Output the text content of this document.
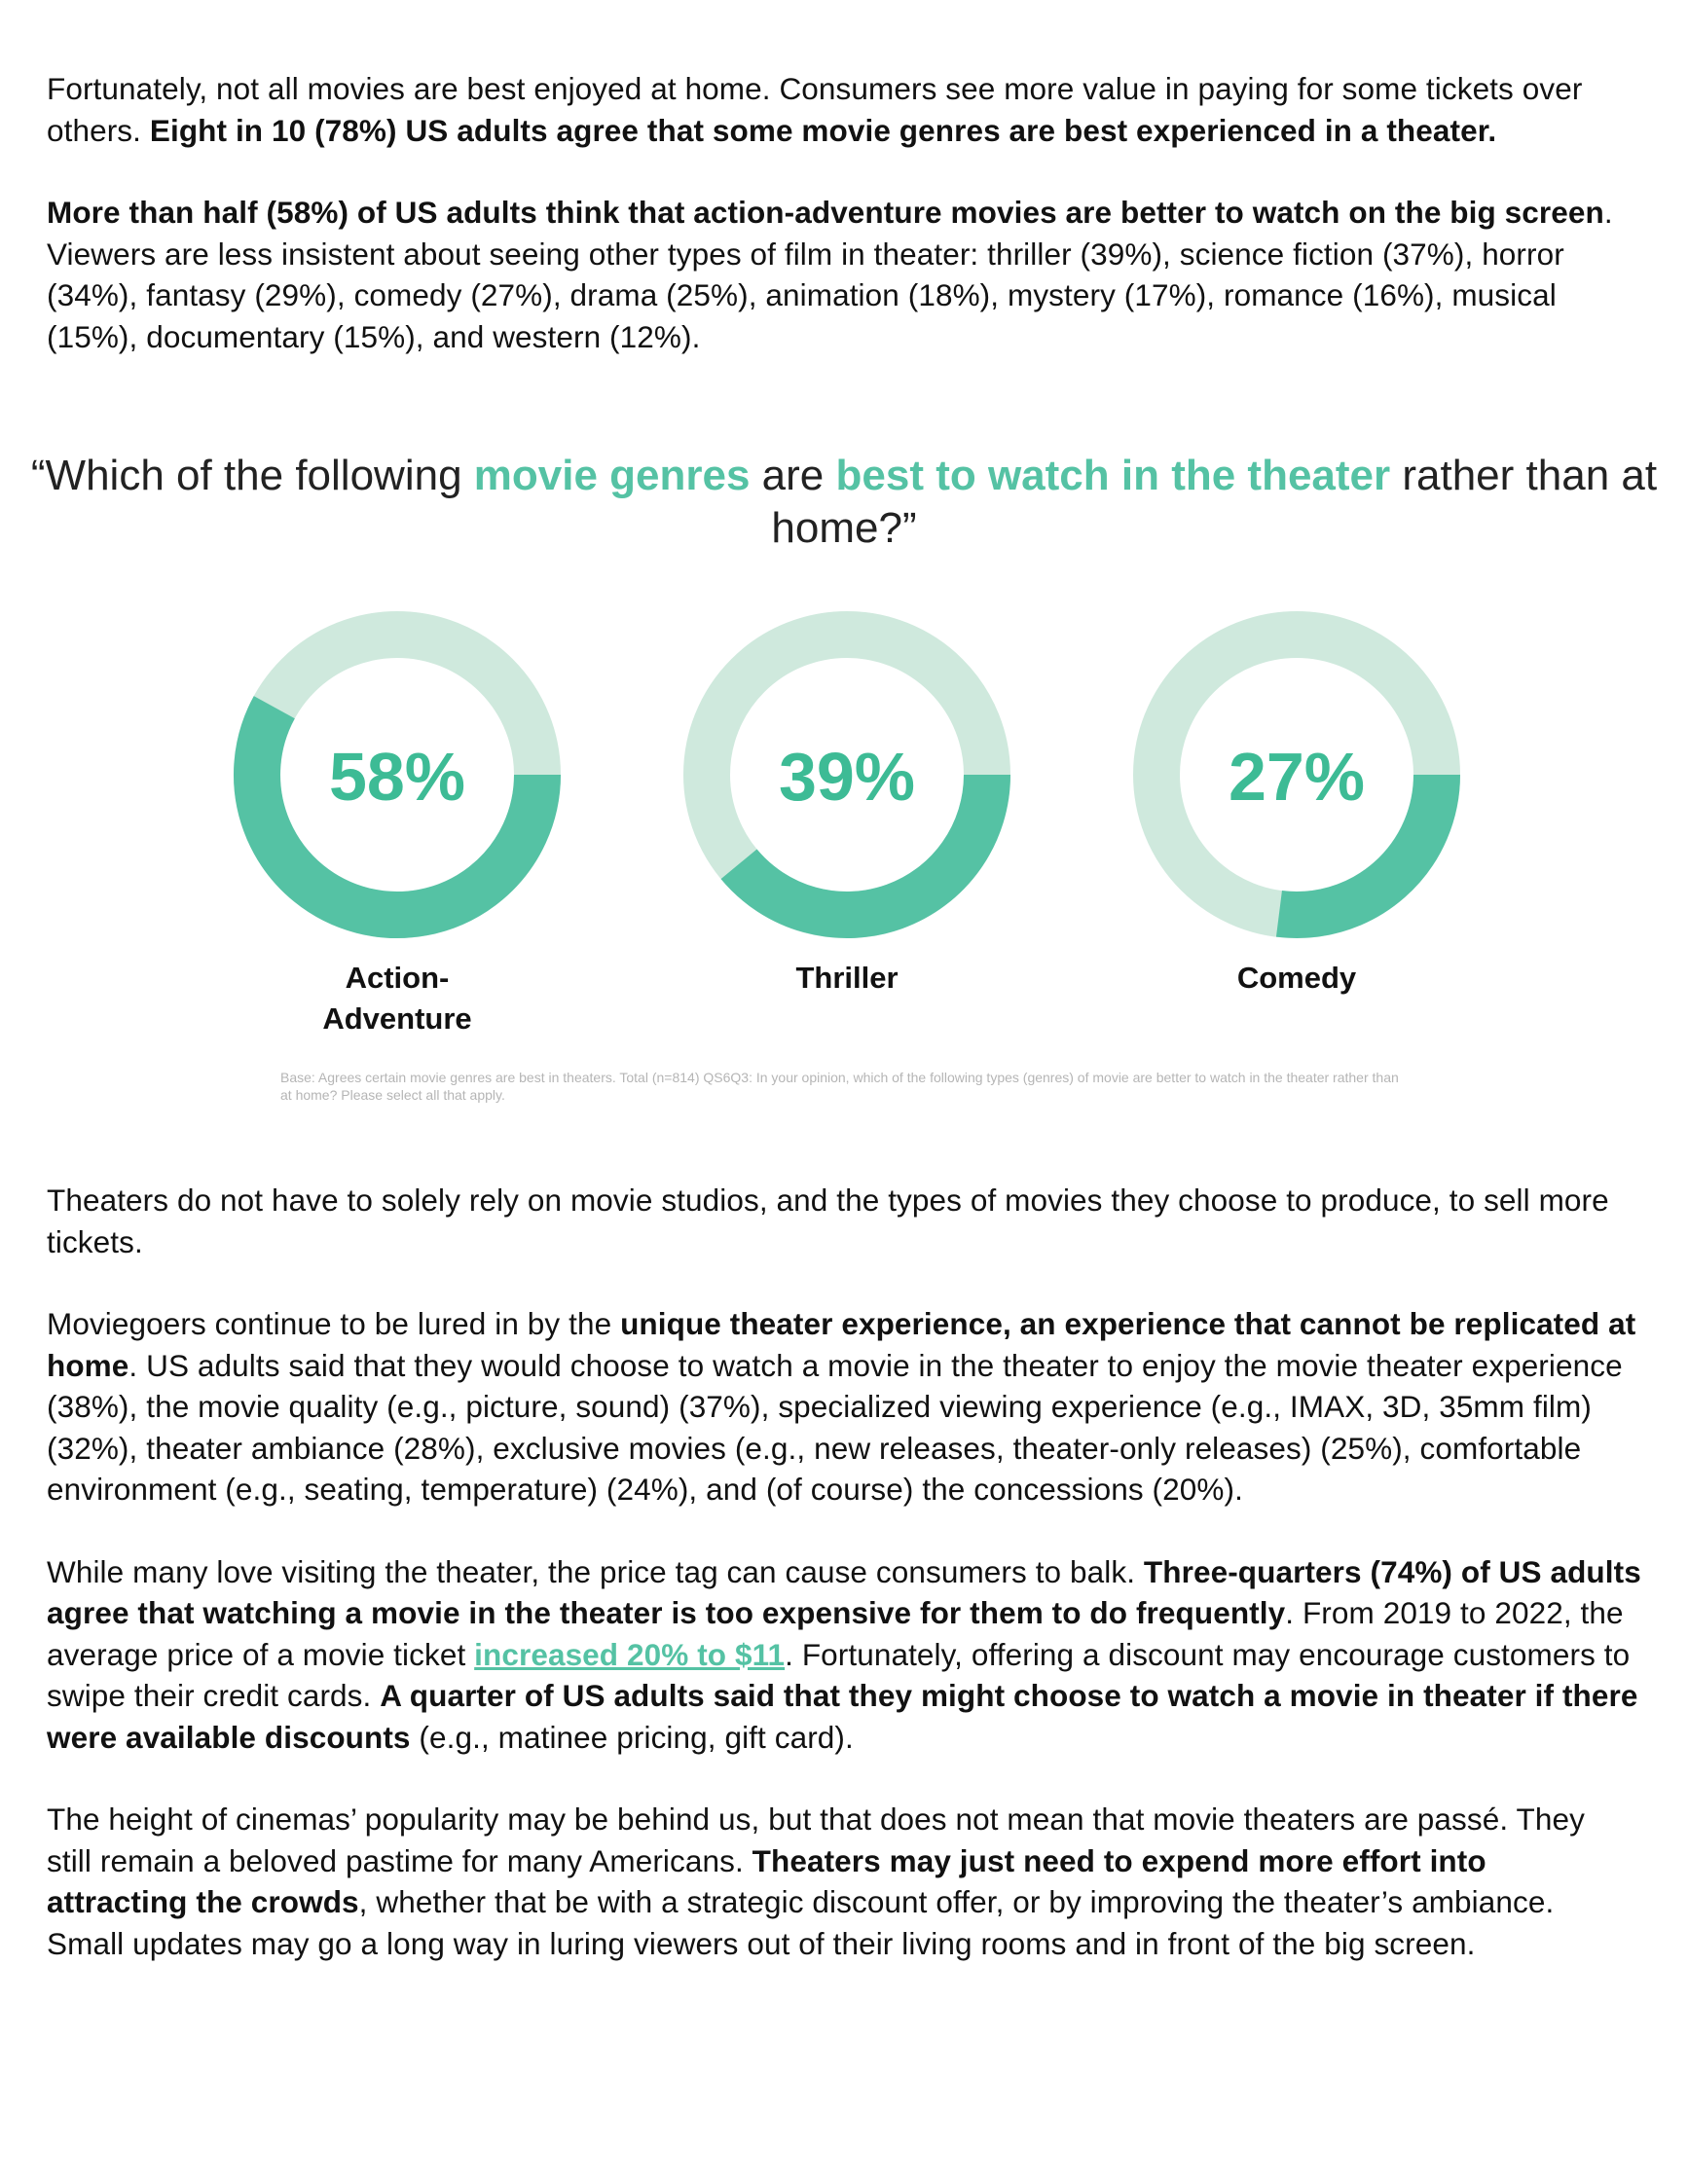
Fortunately, not all movies are best enjoyed at home. Consumers see more value in paying for some tickets over others. Eight in 10 (78%) US adults agree that some movie genres are best experienced in a theater.

More than half (58%) of US adults think that action-adventure movies are better to watch on the big screen. Viewers are less insistent about seeing other types of film in theater: thriller (39%), science fiction (37%), horror (34%), fantasy (29%), comedy (27%), drama (25%), animation (18%), mystery (17%), romance (16%), musical (15%), documentary (15%), and western (12%).

“Which of the following movie genres are best to watch in the theater rather than at home?”
58%	39%	27%
Action-
Adventure
Thriller	Comedy
Base: Agrees certain movie genres are best in theaters. Total (n=814) QS6Q3: In your opinion, which of the following types (genres) of movie are better to watch in the theater rather than at home? Please select all that apply.

Theaters do not have to solely rely on movie studios, and the types of movies they choose to produce, to sell more tickets.

Moviegoers continue to be lured in by the unique theater experience, an experience that cannot be replicated at home. US adults said that they would choose to watch a movie in the theater to enjoy the movie theater experience (38%), the movie quality (e.g., picture, sound) (37%), specialized viewing experience (e.g., IMAX, 3D, 35mm film) (32%), theater ambiance (28%), exclusive movies (e.g., new releases, theater-only releases) (25%), comfortable environment (e.g., seating, temperature) (24%), and (of course) the concessions (20%).

While many love visiting the theater, the price tag can cause consumers to balk. Three-quarters (74%) of US adults agree that watching a movie in the theater is too expensive for them to do frequently. From 2019 to 2022, the average price of a movie ticket increased 20% to $11. Fortunately, offering a discount may encourage customers to swipe their credit cards. A quarter of US adults said that they might choose to watch a movie in theater if there were available discounts (e.g., matinee pricing, gift card).

The height of cinemas’ popularity may be behind us, but that does not mean that movie theaters are passé. They still remain a beloved pastime for many Americans. Theaters may just need to expend more effort into attracting the crowds, whether that be with a strategic discount offer, or by improving the theater’s ambiance. Small updates may go a long way in luring viewers out of their living rooms and in front of the big screen.
